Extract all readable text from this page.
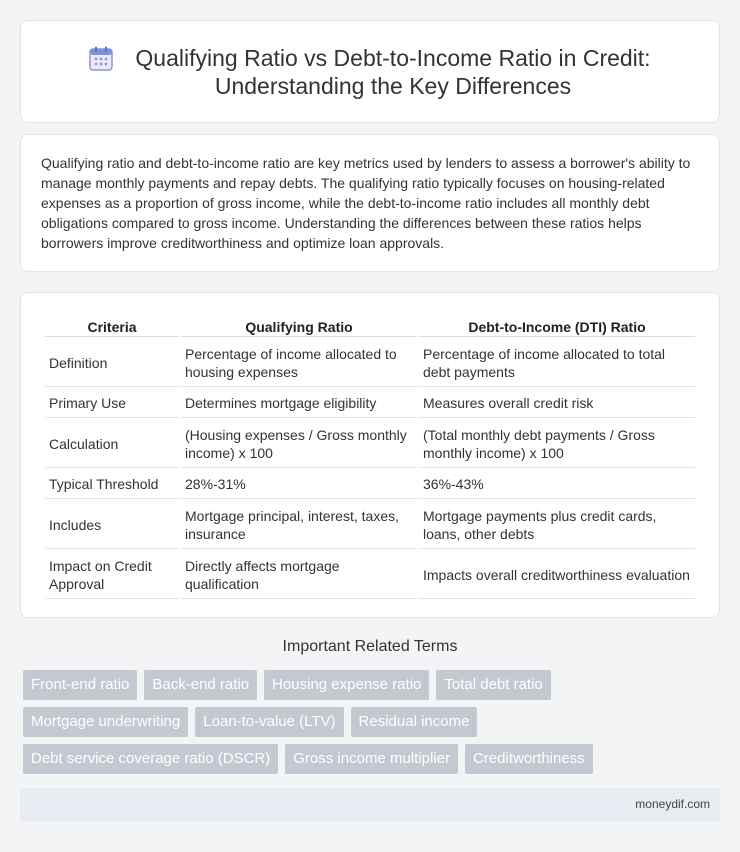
Qualifying Ratio vs Debt-to-Income Ratio in Credit:
Understanding the Key Differences

Qualifying ratio and debt-to-income ratio are key metrics used by lenders to assess a borrower's ability to manage monthly payments and repay debts. The qualifying ratio typically focuses on housing-related expenses as a proportion of gross income, while the debt-to-income ratio includes all monthly debt obligations compared to gross income. Understanding the differences between these ratios helps borrowers improve creditworthiness and optimize loan approvals.

Criteria	Qualifying Ratio	Debt-to-Income (DTI) Ratio
Definition	Percentage of income allocated to housing expenses	Percentage of income allocated to total debt payments
Primary Use	Determines mortgage eligibility	Measures overall credit risk
Calculation	(Housing expenses / Gross monthly income) x 100	(Total monthly debt payments / Gross monthly income) x 100
Typical Threshold	28%-31%	36%-43%
Includes	Mortgage principal, interest, taxes, insurance	Mortgage payments plus credit cards, loans, other debts
Impact on Credit Approval	Directly affects mortgage qualification	Impacts overall creditworthiness evaluation
Important Related Terms
Front-end ratio	Back-end ratio	Housing expense ratio	Total debt ratio
Mortgage underwriting	Loan-to-value (LTV)	Residual income
Debt service coverage ratio (DSCR)	Gross income multiplier	Creditworthiness
moneydif.com
